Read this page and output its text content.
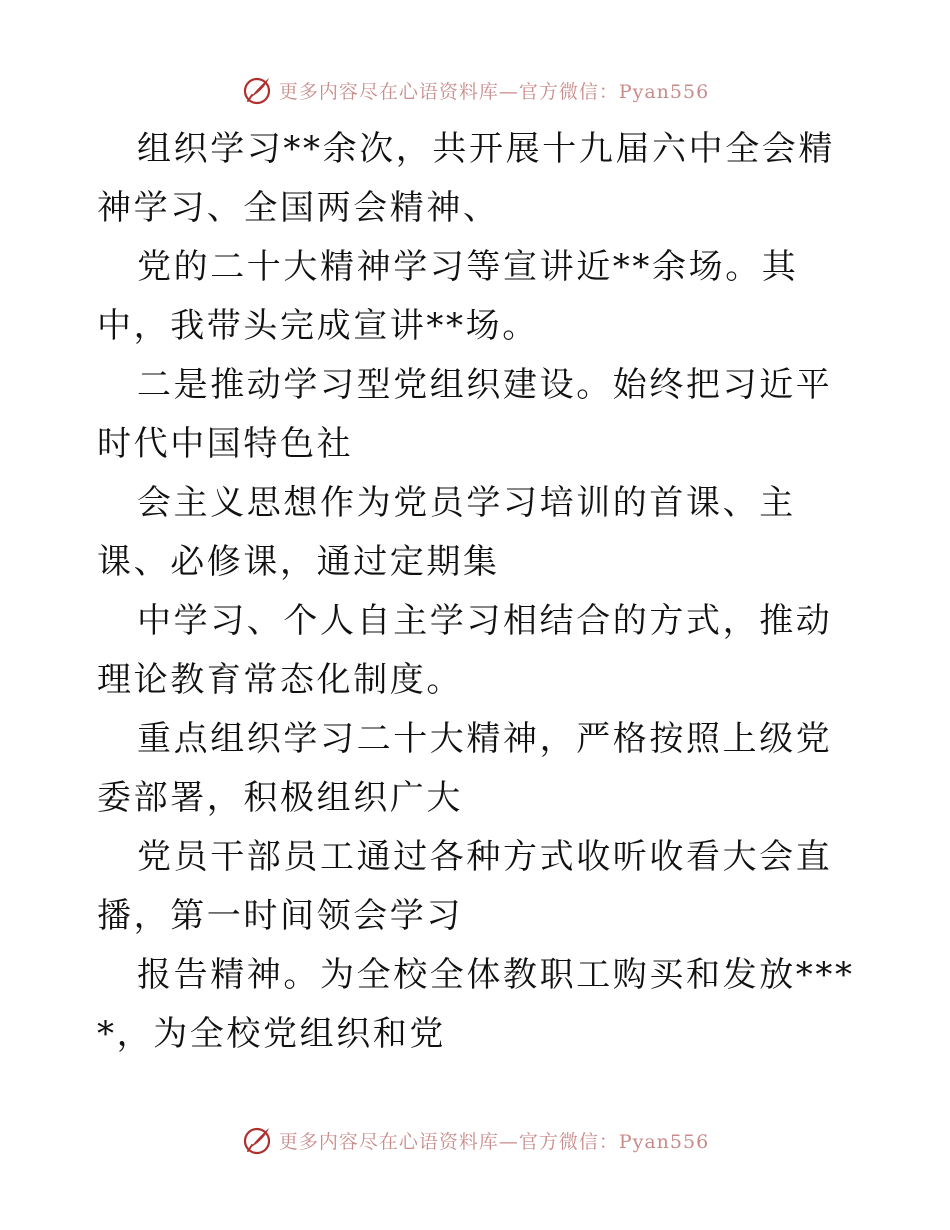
更多内容尽在心语资料库—官方微信：Pyan556

组织学习**余次，共开展十九届六中全会精神学习、全国两会精神、

党的二十大精神学习等宣讲近**余场。其中，我带头完成宣讲**场。

二是推动学习型党组织建设。始终把习近平时代中国特色社

会主义思想作为党员学习培训的首课、主课、必修课，通过定期集

中学习、个人自主学习相结合的方式，推动理论教育常态化制度。

重点组织学习二十大精神，严格按照上级党委部署，积极组织广大

党员干部员工通过各种方式收听收看大会直播，第一时间领会学习

报告精神。为全校全体教职工购买和发放****，为全校党组织和党

更多内容尽在心语资料库—官方微信：Pyan556
